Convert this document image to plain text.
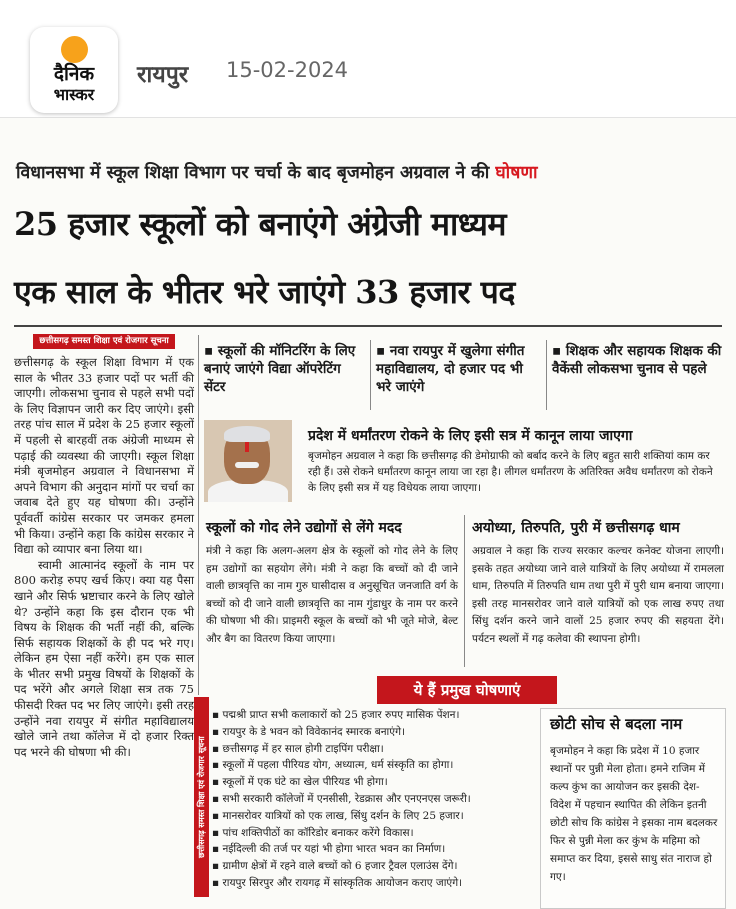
दैनिक
भास्कर
रायपुर 15-02-2024
विधानसभा में स्कूल शिक्षा विभाग पर चर्चा के बाद बृजमोहन अग्रवाल ने की घोषणा
25 हजार स्कूलों को बनाएंगे अंग्रेजी माध्यम
एक साल के भीतर भरे जाएंगे 33 हजार पद
छत्तीसगढ़ समस्त शिक्षा एवं रोजगार सूचना

छत्तीसगढ़ के स्कूल शिक्षा विभाग में एक साल के भीतर 33 हजार पदों पर भर्ती की जाएगी। लोकसभा चुनाव से पहले सभी पदों के लिए विज्ञापन जारी कर दिए जाएंगे। इसी तरह पांच साल में प्रदेश के 25 हजार स्कूलों में पहली से बारहवीं तक अंग्रेजी माध्यम से पढ़ाई की व्यवस्था की जाएगी। स्कूल शिक्षा मंत्री बृजमोहन अग्रवाल ने विधानसभा में अपने विभाग की अनुदान मांगों पर चर्चा का जवाब देते हुए यह घोषणा की। उन्होंने पूर्ववर्ती कांग्रेस सरकार पर जमकर हमला भी किया। उन्होंने कहा कि कांग्रेस सरकार ने विद्या को व्यापार बना लिया था।

स्वामी आत्मानंद स्कूलों के नाम पर 800 करोड़ रुपए खर्च किए। क्या यह पैसा खाने और सिर्फ भ्रष्टाचार करने के लिए खोले थे? उन्होंने कहा कि इस दौरान एक भी विषय के शिक्षक की भर्ती नहीं की, बल्कि सिर्फ सहायक शिक्षकों के ही पद भरे गए। लेकिन हम ऐसा नहीं करेंगे। हम एक साल के भीतर सभी प्रमुख विषयों के शिक्षकों के पद भरेंगे और अगले शिक्षा सत्र तक 75 फीसदी रिक्त पद भर लिए जाएंगे। इसी तरह उन्होंने नवा रायपुर में संगीत महाविद्यालय खोले जाने तथा कॉलेज में दो हजार रिक्त पद भरने की घोषणा भी की।	छत्तीसगढ़ समस्त शिक्षा एवं रोजगार सूचना
▪ स्कूलों की मॉनिटरिंग के लिए बनाएं जाएंगे विद्या ऑपरेटिंग सेंटर
▪ नवा रायपुर में खुलेगा संगीत महाविद्यालय, दो हजार पद भी भरे जाएंगे
▪ शिक्षक और सहायक शिक्षक की वैकेंसी लोकसभा चुनाव से पहले
प्रदेश में धर्मांतरण रोकने के लिए इसी सत्र में कानून लाया जाएगा
बृजमोहन अग्रवाल ने कहा कि छत्तीसगढ़ की डेमोग्राफी को बर्बाद करने के लिए बहुत सारी शक्तियां काम कर रही हैं। उसे रोकने धर्मांतरण कानून लाया जा रहा है। लीगल धर्मांतरण के अतिरिक्त अवैध धर्मांतरण को रोकने के लिए इसी सत्र में यह विधेयक लाया जाएगा।
स्कूलों को गोद लेने उद्योगों से लेंगे मदद
मंत्री ने कहा कि अलग-अलग क्षेत्र के स्कूलों को गोद लेने के लिए हम उद्योगों का सहयोग लेंगे। मंत्री ने कहा कि बच्चों को दी जाने वाली छात्रवृत्ति का नाम गुरु घासीदास व अनुसूचित जनजाति वर्ग के बच्चों को दी जाने वाली छात्रवृत्ति का नाम गुंडाधुर के नाम पर करने की घोषणा भी की। प्राइमरी स्कूल के बच्चों को भी जूते मोजे, बेल्ट और बैग का वितरण किया जाएगा।
अयोध्या, तिरुपति, पुरी में छत्तीसगढ़ धाम
अग्रवाल ने कहा कि राज्य सरकार कल्चर कनेक्ट योजना लाएगी। इसके तहत अयोध्या जाने वाले यात्रियों के लिए अयोध्या में रामलला धाम, तिरुपति में तिरुपति धाम तथा पुरी में पुरी धाम बनाया जाएगा। इसी तरह मानसरोवर जाने वाले यात्रियों को एक लाख रुपए तथा सिंधु दर्शन करने जाने वालों 25 हजार रुपए की सहयता देंगे। पर्यटन स्थलों में गढ़ कलेवा की स्थापना होगी।
ये हैं प्रमुख घोषणाएं
▪ पद्मश्री प्राप्त सभी कलाकारों को 25 हजार रुपए मासिक पेंशन।
▪ रायपुर के डे भवन को विवेकानंद स्मारक बनाएंगे।
▪ छत्तीसगढ़ में हर साल होगी टाइपिंग परीक्षा।
▪ स्कूलों में पहला पीरियड योग, अध्यात्म, धर्म संस्कृति का होगा।
▪ स्कूलों में एक घंटे का खेल पीरियड भी होगा।
▪ सभी सरकारी कॉलेजों में एनसीसी, रेडक्रास और एनएनएस जरूरी।
▪ मानसरोवर यात्रियों को एक लाख, सिंधु दर्शन के लिए 25 हजार।
▪ पांच शक्तिपीठों का कॉरिडोर बनाकर करेंगे विकास।
▪ नईदिल्ली की तर्ज पर यहां भी होगा भारत भवन का निर्माण।
▪ ग्रामीण क्षेत्रों में रहने वाले बच्चों को 6 हजार ट्रैवल एलाउंस देंगे।
▪ रायपुर सिरपुर और रायगढ़ में सांस्कृतिक आयोजन कराए जाएंगे।
छोटी सोच से बदला नाम
बृजमोहन ने कहा कि प्रदेश में 10 हजार स्थानों पर पुन्नी मेला होता। हमने राजिम में कल्प कुंभ का आयोजन कर इसकी देश-विदेश में पहचान स्थापित की लेकिन इतनी छोटी सोच कि कांग्रेस ने इसका नाम बदलकर फिर से पुन्नी मेला कर कुंभ के महिमा को समाप्त कर दिया, इससे साधु संत नाराज हो गए।
